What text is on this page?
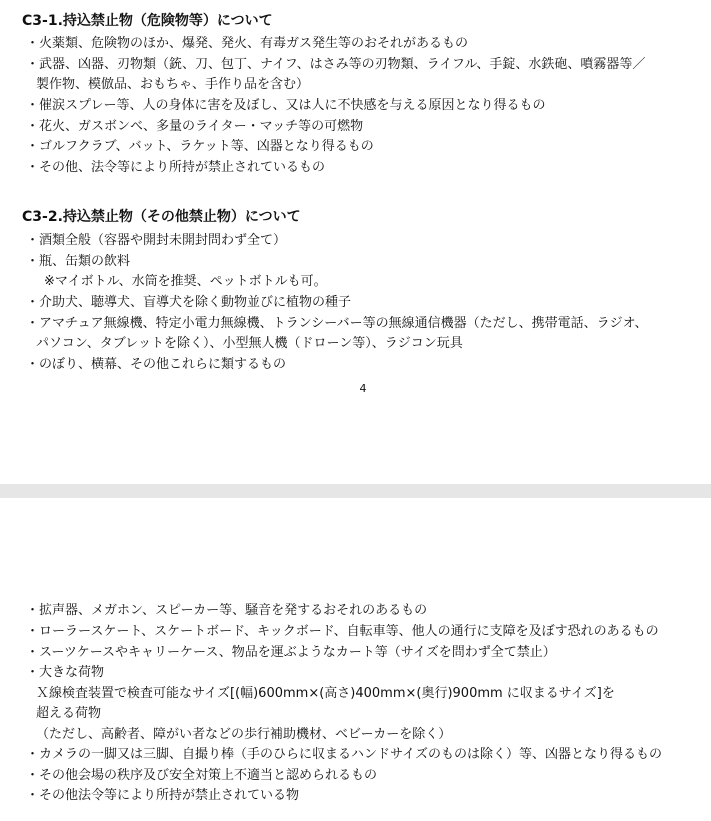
C3-1.持込禁止物（危険物等）について
・火薬類、危険物のほか、爆発、発火、有毒ガス発生等のおそれがあるもの
・武器、凶器、刃物類（銃、刀、包丁、ナイフ、はさみ等の刃物類、ライフル、手錠、水鉄砲、噴霧器等／
製作物、模倣品、おもちゃ、手作り品を含む）
・催涙スプレー等、人の身体に害を及ぼし、又は人に不快感を与える原因となり得るもの
・花火、ガスボンベ、多量のライター・マッチ等の可燃物
・ゴルフクラブ、バット、ラケット等、凶器となり得るもの
・その他、法令等により所持が禁止されているもの
C3-2.持込禁止物（その他禁止物）について
・酒類全般（容器や開封未開封問わず全て）
・瓶、缶類の飲料
※マイボトル、水筒を推奨、ペットボトルも可。
・介助犬、聴導犬、盲導犬を除く動物並びに植物の種子
・アマチュア無線機、特定小電力無線機、トランシーバー等の無線通信機器（ただし、携帯電話、ラジオ、
パソコン、タブレットを除く）、小型無人機（ドローン等）、ラジコン玩具
・のぼり、横幕、その他これらに類するもの
4
・拡声器、メガホン、スピーカー等、騒音を発するおそれのあるもの
・ローラースケート、スケートボード、キックボード、自転車等、他人の通行に支障を及ぼす恐れのあるもの
・スーツケースやキャリーケース、物品を運ぶようなカート等（サイズを問わず全て禁止）
・大きな荷物
Ｘ線検査装置で検査可能なサイズ[(幅)600mm×(高さ)400mm×(奥行)900mm に収まるサイズ]を
超える荷物
（ただし、高齢者、障がい者などの歩行補助機材、ベビーカーを除く）
・カメラの一脚又は三脚、自撮り棒（手のひらに収まるハンドサイズのものは除く）等、凶器となり得るもの
・その他会場の秩序及び安全対策上不適当と認められるもの
・その他法令等により所持が禁止されている物
